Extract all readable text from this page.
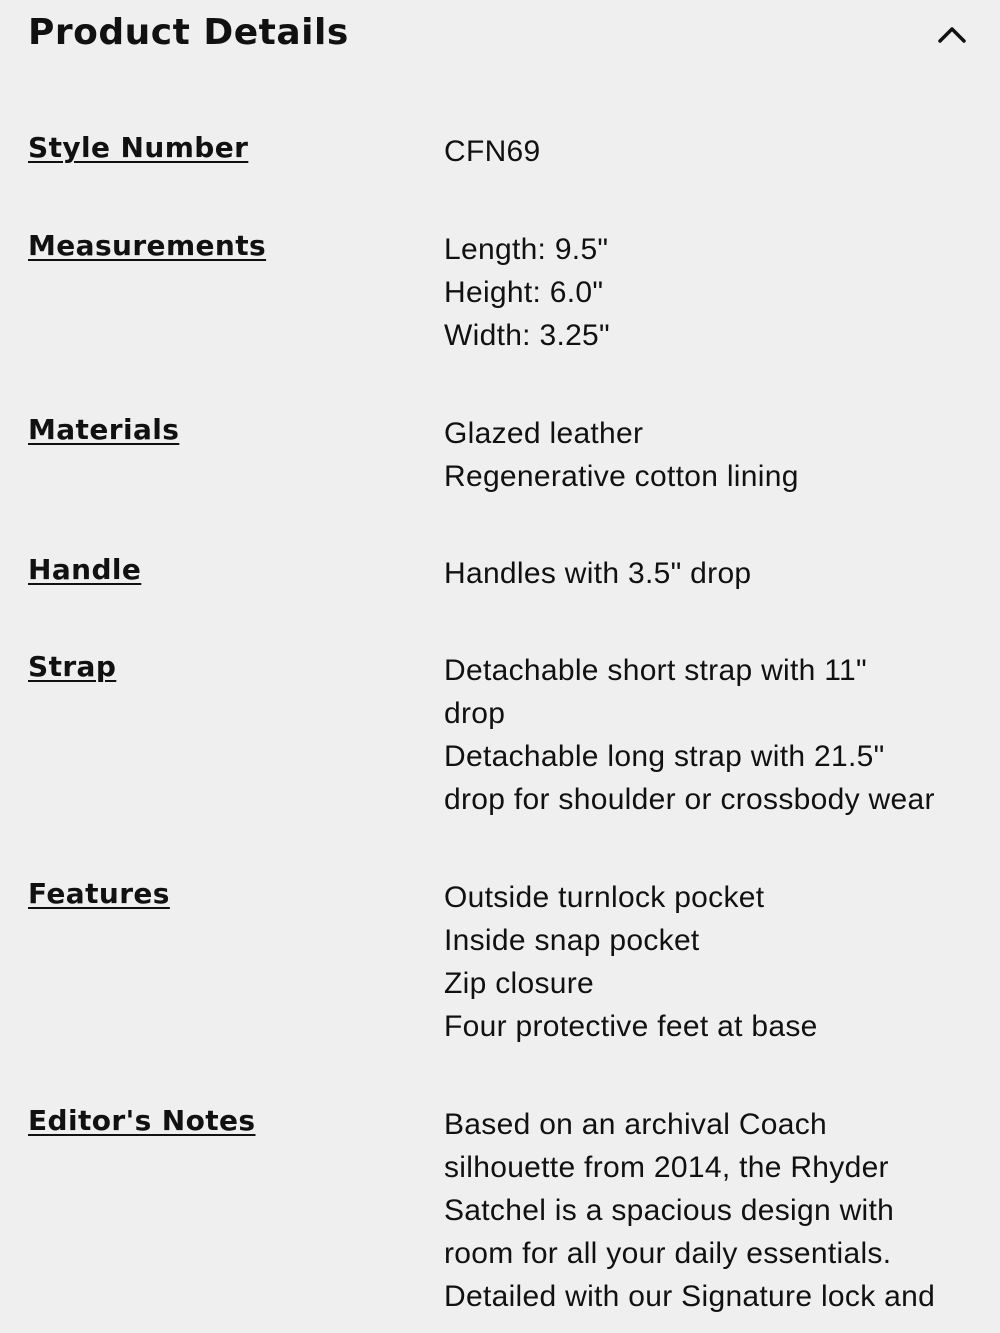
Product Details
Style Number	CFN69
Measurements	Length: 9.5"
Height: 6.0"
Width: 3.25"
Materials	Glazed leather
Regenerative cotton lining
Handle	Handles with 3.5" drop
Strap	Detachable short strap with 11"
drop
Detachable long strap with 21.5"
drop for shoulder or crossbody wear
Features	Outside turnlock pocket
Inside snap pocket
Zip closure
Four protective feet at base
Editor's Notes	Based on an archival Coach
silhouette from 2014, the Rhyder
Satchel is a spacious design with
room for all your daily essentials.
Detailed with our Signature lock and
